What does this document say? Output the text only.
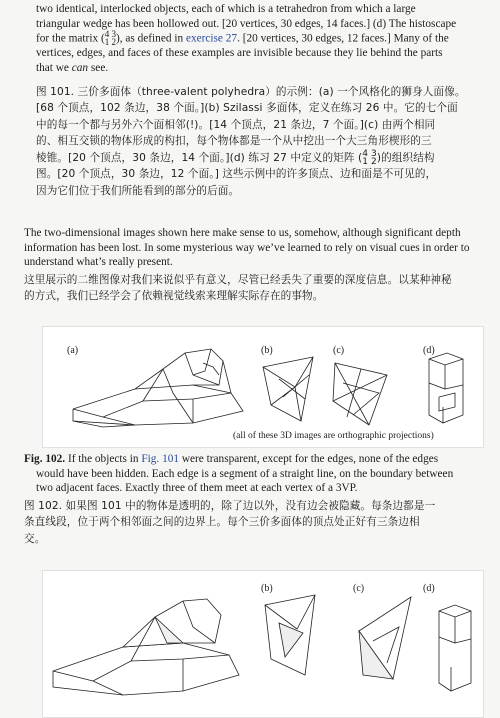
two identical, interlocked objects, each of which is a tetrahedron from which a large

triangular wedge has been hollowed out. [20 vertices, 30 edges, 14 faces.] (d) The histoscape

for the matrix (4 3
1 2), as defined in exercise 27. [20 vertices, 30 edges, 12 faces.] Many of the

vertices, edges, and faces of these examples are invisible because they lie behind the parts

that we can see.

图 101. 三价多面体（three-valent polyhedra）的示例：(a) 一个风格化的狮身人面像。

[68 个顶点，102 条边，38 个面。](b) Szilassi 多面体，定义在练习 26 中。它的七个面

中的每一个都与另外六个面相邻(!)。[14 个顶点，21 条边，7 个面。](c) 由两个相同

的、相互交锁的物体形成的构扣，每个物体都是一个从中挖出一个大三角形楔形的三

棱锥。[20 个顶点，30 条边，14 个面。](d) 练习 27 中定义的矩阵 (4 3
1 2)的组织结构

图。[20 个顶点，30 条边，12 个面。] 这些示例中的许多顶点、边和面是不可见的，

因为它们位于我们所能看到的部分的后面。

The two-dimensional images shown here make sense to us, somehow, although significant depth

information has been lost. In some mysterious way we’ve learned to rely on visual cues in order to

understand what’s really present.

这里展示的二维图像对我们来说似乎有意义，尽管已经丢失了重要的深度信息。以某种神秘

的方式，我们已经学会了依赖视觉线索来理解实际存在的事物。

(a)	(b)	(c)	(d)
(all of these 3D images are orthographic projections)

Fig. 102. If the objects in Fig. 101 were transparent, except for the edges, none of the edges

would have been hidden. Each edge is a segment of a straight line, on the boundary between

two adjacent faces. Exactly three of them meet at each vertex of a 3VP.

图 102. 如果图 101 中的物体是透明的，除了边以外，没有边会被隐藏。每条边都是一

条直线段，位于两个相邻面之间的边界上。每个三价多面体的顶点处正好有三条边相

交。

(b)	(c)	(d)
